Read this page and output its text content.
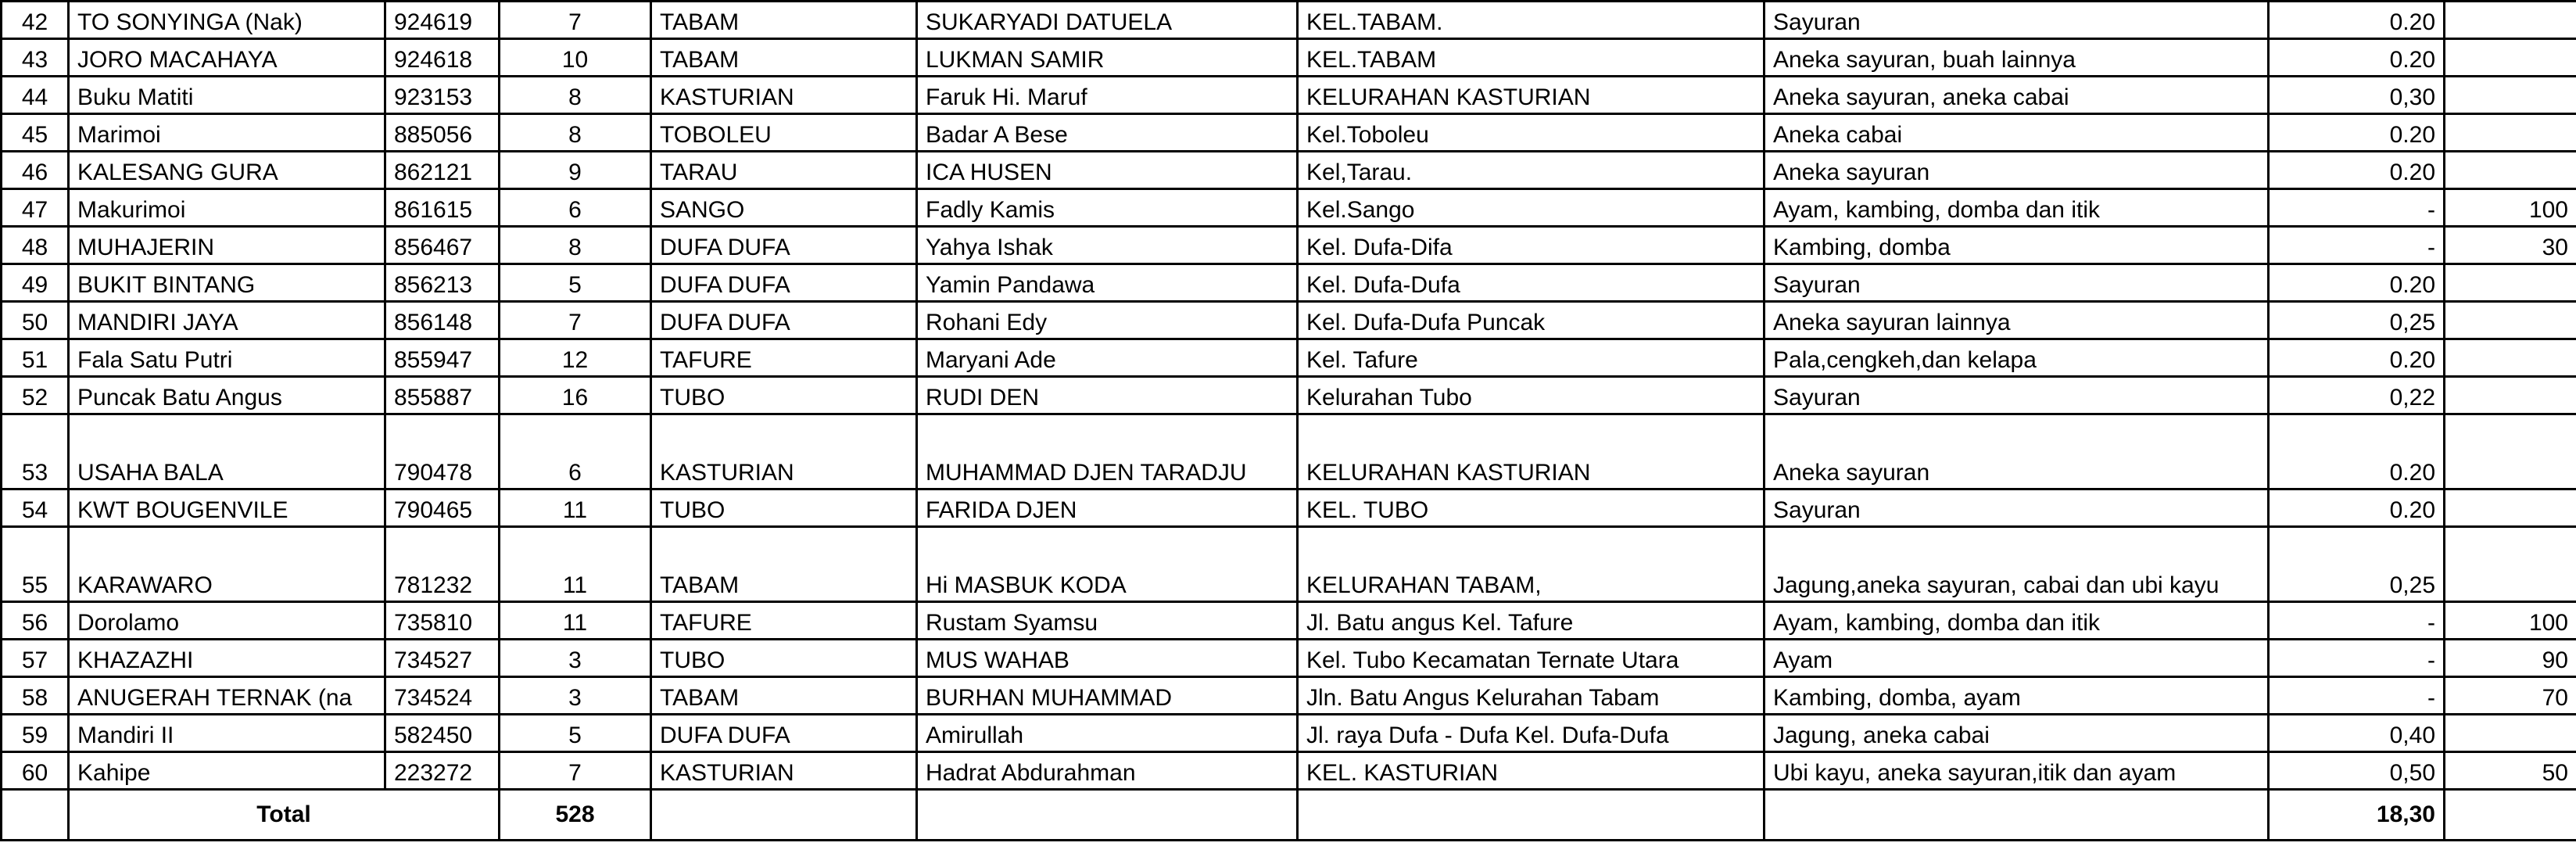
42	TO SONYINGA (Nak)	924619	7	TABAM	SUKARYADI DATUELA	KEL.TABAM.	Sayuran	0.20	
43	JORO MACAHAYA	924618	10	TABAM	LUKMAN SAMIR	KEL.TABAM	Aneka sayuran, buah lainnya	0.20	
44	Buku Matiti	923153	8	KASTURIAN	Faruk Hi. Maruf	KELURAHAN KASTURIAN	Aneka sayuran, aneka cabai	0,30	
45	Marimoi	885056	8	TOBOLEU	Badar A Bese	Kel.Toboleu	Aneka cabai	0.20	
46	KALESANG GURA	862121	9	TARAU	ICA HUSEN	Kel,Tarau.	Aneka sayuran	0.20	
47	Makurimoi	861615	6	SANGO	Fadly Kamis	Kel.Sango	Ayam, kambing, domba dan itik	-	100
48	MUHAJERIN	856467	8	DUFA DUFA	Yahya Ishak	Kel. Dufa-Difa	Kambing, domba	-	30
49	BUKIT BINTANG	856213	5	DUFA DUFA	Yamin Pandawa	Kel. Dufa-Dufa	Sayuran	0.20	
50	MANDIRI JAYA	856148	7	DUFA DUFA	Rohani Edy	Kel. Dufa-Dufa Puncak	Aneka sayuran lainnya	0,25	
51	Fala Satu Putri	855947	12	TAFURE	Maryani Ade	Kel. Tafure	Pala,cengkeh,dan kelapa	0.20	
52	Puncak Batu Angus	855887	16	TUBO	RUDI DEN	Kelurahan Tubo	Sayuran	0,22	
53	USAHA BALA	790478	6	KASTURIAN	MUHAMMAD DJEN TARADJU	KELURAHAN KASTURIAN	Aneka sayuran	0.20	
54	KWT BOUGENVILE	790465	11	TUBO	FARIDA DJEN	KEL. TUBO	Sayuran	0.20	
55	KARAWARO	781232	11	TABAM	Hi MASBUK KODA	KELURAHAN TABAM,	Jagung,aneka sayuran, cabai dan ubi kayu	0,25	
56	Dorolamo	735810	11	TAFURE	Rustam Syamsu	Jl. Batu angus Kel. Tafure	Ayam, kambing, domba dan itik	-	100
57	KHAZAZHI	734527	3	TUBO	MUS WAHAB	Kel. Tubo Kecamatan Ternate Utara	Ayam	-	90
58	ANUGERAH TERNAK (na	734524	3	TABAM	BURHAN MUHAMMAD	Jln. Batu Angus Kelurahan Tabam	Kambing, domba, ayam	-	70
59	Mandiri II	582450	5	DUFA DUFA	Amirullah	Jl. raya Dufa - Dufa Kel. Dufa-Dufa	Jagung, aneka cabai	0,40	
60	Kahipe	223272	7	KASTURIAN	Hadrat Abdurahman	KEL. KASTURIAN	Ubi kayu, aneka sayuran,itik dan ayam	0,50	50
	Total		528					18,30	
